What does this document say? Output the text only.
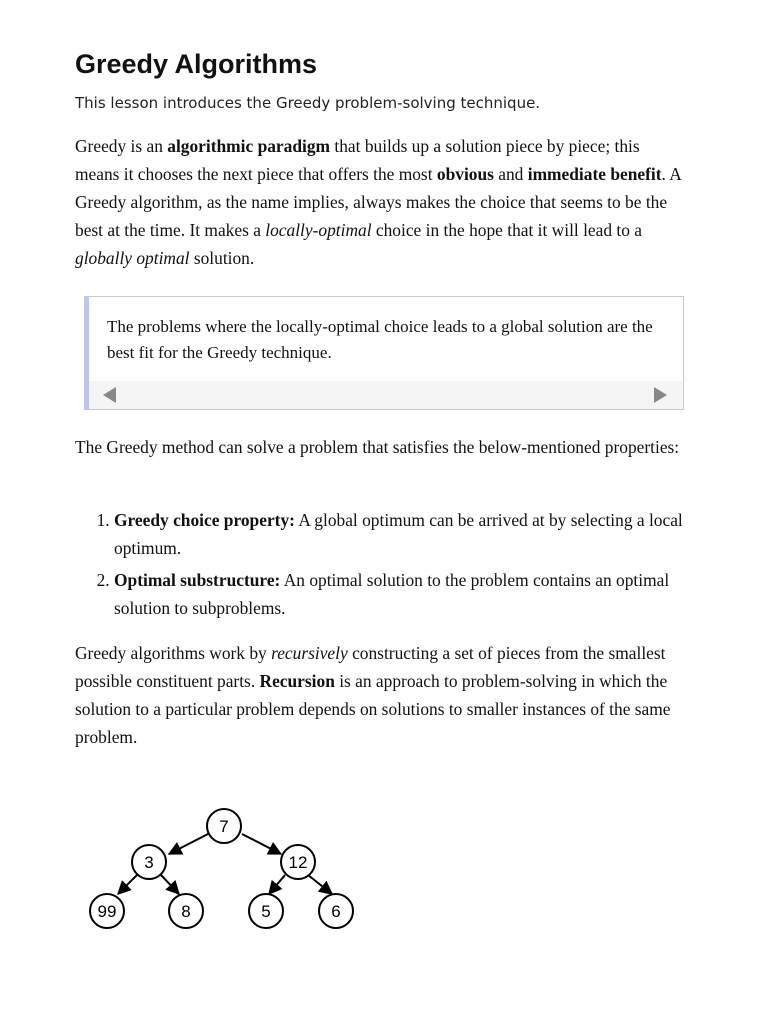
Greedy Algorithms

This lesson introduces the Greedy problem-solving technique.

Greedy is an algorithmic paradigm that builds up a solution piece by piece; this means it chooses the next piece that offers the most obvious and immediate benefit. A Greedy algorithm, as the name implies, always makes the choice that seems to be the best at the time. It makes a locally-optimal choice in the hope that it will lead to a globally optimal solution.

The problems where the locally-optimal choice leads to a global solution are the best fit for the Greedy technique.

The Greedy method can solve a problem that satisfies the below-mentioned properties:

1. Greedy choice property: A global optimum can be arrived at by selecting a local optimum.
2. Optimal substructure: An optimal solution to the problem contains an optimal solution to subproblems.

Greedy algorithms work by recursively constructing a set of pieces from the smallest possible constituent parts. Recursion is an approach to problem-solving in which the solution to a particular problem depends on solutions to smaller instances of the same problem.

7
3	12
99	8	5	6
